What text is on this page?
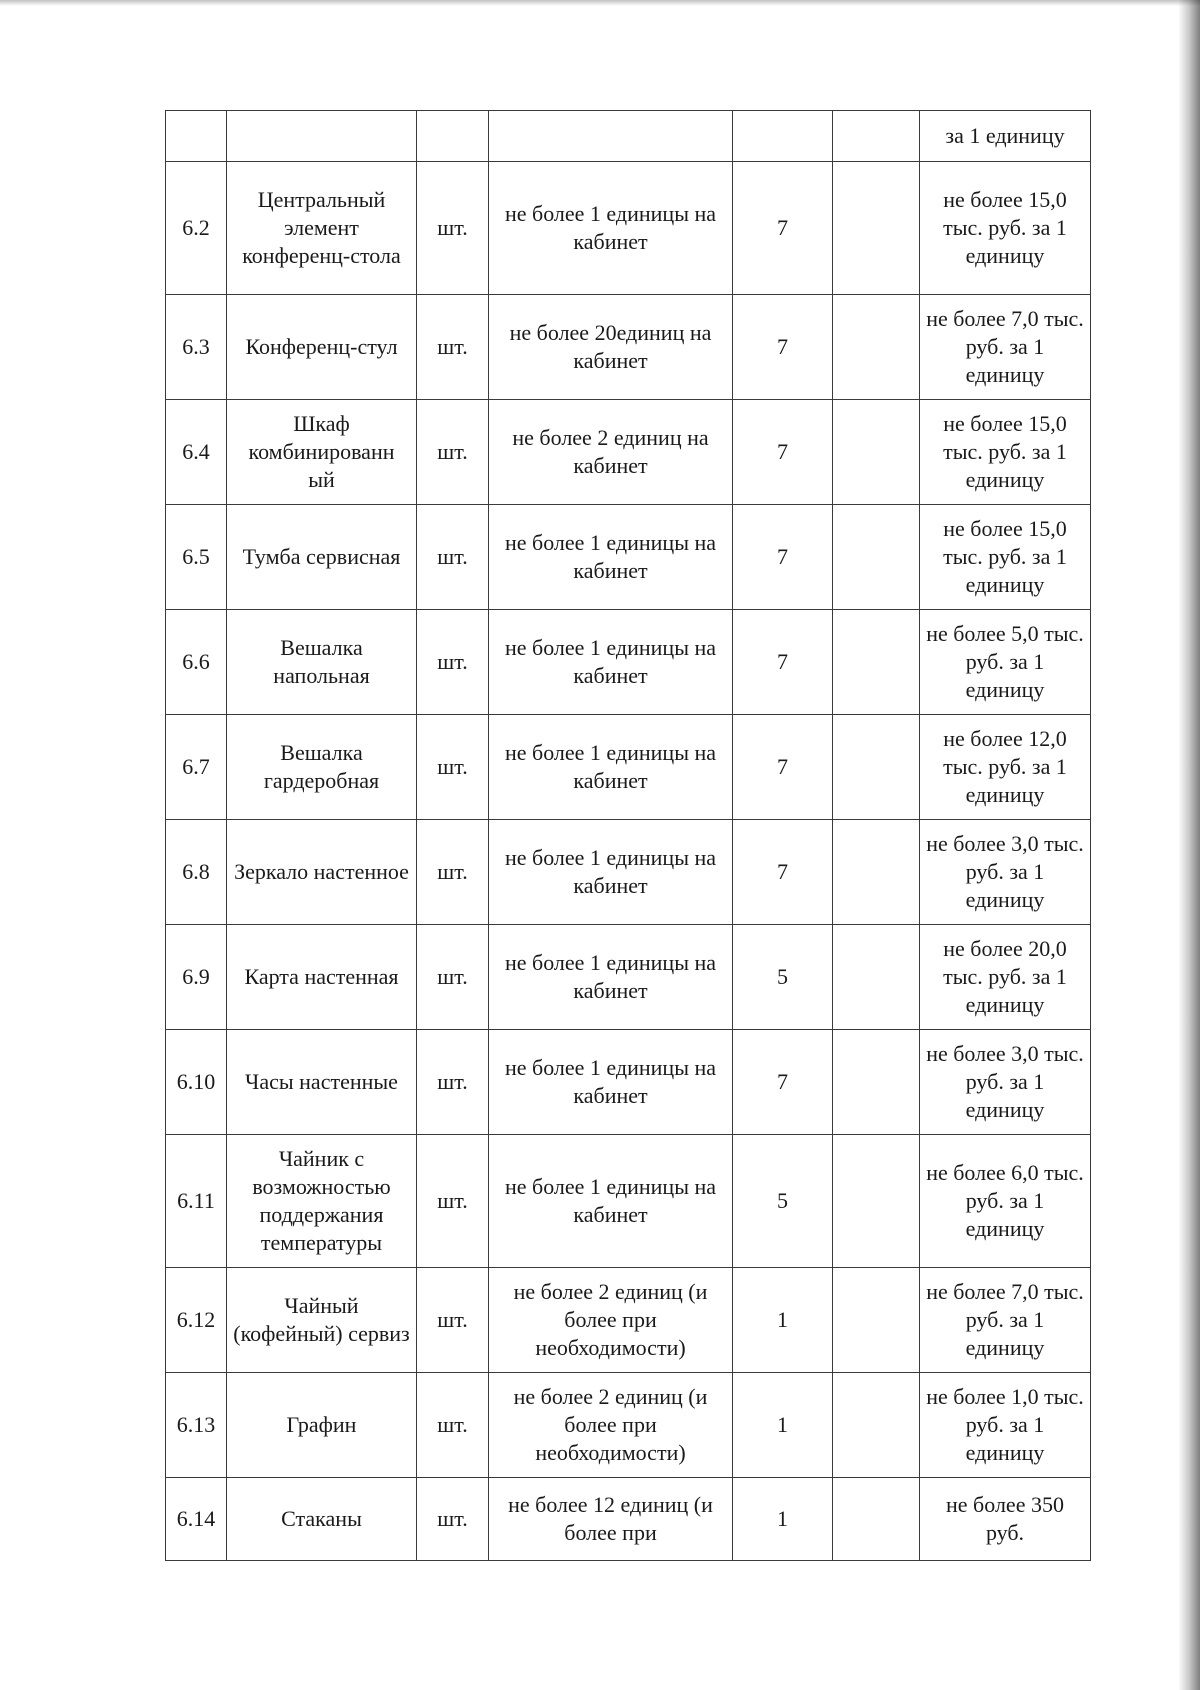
						за 1 единицу
6.2	Центральный элемент конференц-стола	шт.	не более 1 единицы на кабинет	7		не более 15,0 тыс. руб. за 1 единицу
6.3	Конференц-стул	шт.	не более 20единиц на кабинет	7		не более 7,0 тыс. руб. за 1 единицу
6.4	Шкаф комбинированн ый	шт.	не более 2 единиц на кабинет	7		не более 15,0 тыс. руб. за 1 единицу
6.5	Тумба сервисная	шт.	не более 1 единицы на кабинет	7		не более 15,0 тыс. руб. за 1 единицу
6.6	Вешалка напольная	шт.	не более 1 единицы на кабинет	7		не более 5,0 тыс. руб. за 1 единицу
6.7	Вешалка гардеробная	шт.	не более 1 единицы на кабинет	7		не более 12,0 тыс. руб. за 1 единицу
6.8	Зеркало настенное	шт.	не более 1 единицы на кабинет	7		не более 3,0 тыс. руб. за 1 единицу
6.9	Карта настенная	шт.	не более 1 единицы на кабинет	5		не более 20,0 тыс. руб. за 1 единицу
6.10	Часы настенные	шт.	не более 1 единицы на кабинет	7		не более 3,0 тыс. руб. за 1 единицу
6.11	Чайник с возможностью поддержания температуры	шт.	не более 1 единицы на кабинет	5		не более 6,0 тыс. руб. за 1 единицу
6.12	Чайный (кофейный) сервиз	шт.	не более 2 единиц (и более при необходимости)	1		не более 7,0 тыс. руб. за 1 единицу
6.13	Графин	шт.	не более 2 единиц (и более при необходимости)	1		не более 1,0 тыс. руб. за 1 единицу
6.14	Стаканы	шт.	не более 12 единиц (и более при	1		не более 350 руб.
